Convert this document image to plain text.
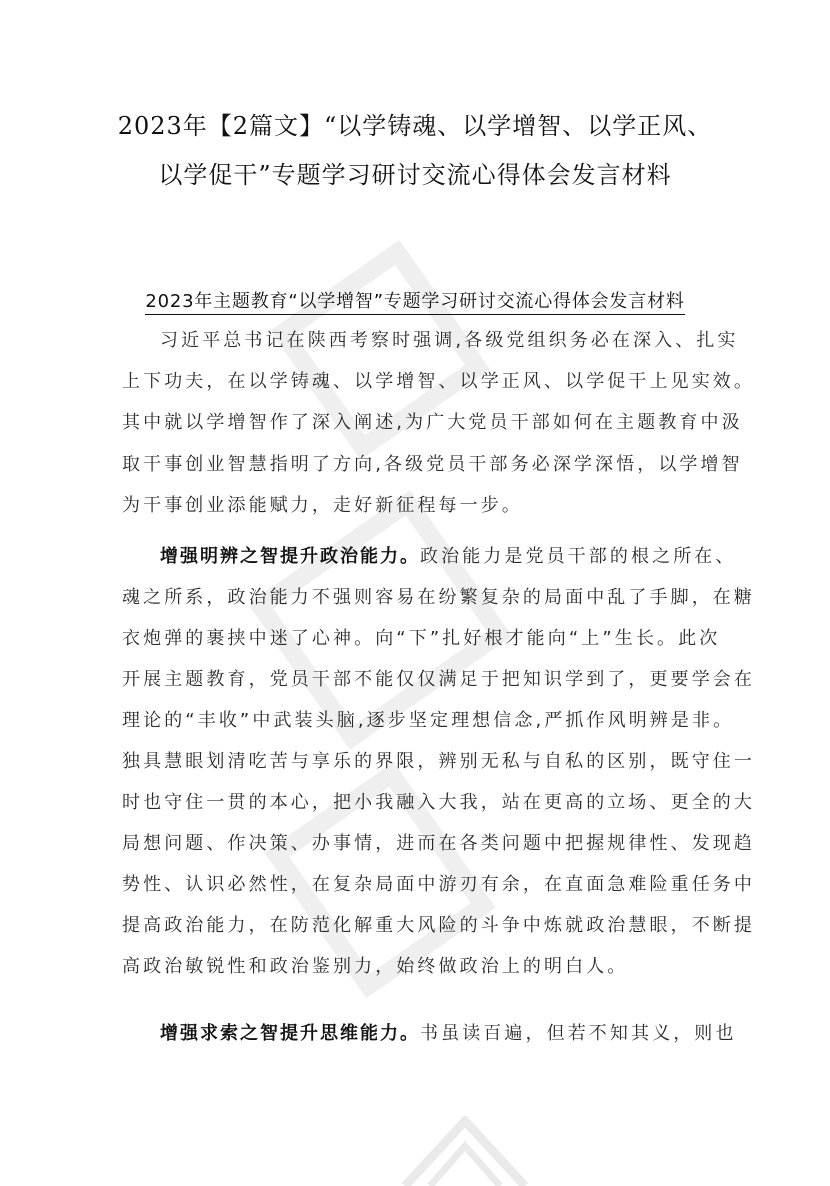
2023年【2篇文】“以学铸魂、以学增智、以学正风、
以学促干”专题学习研讨交流心得体会发言材料
2023年主题教育“以学增智”专题学习研讨交流心得体会发言材料
习近平总书记在陕西考察时强调,各级党组织务必在深入、扎实
上下功夫，在以学铸魂、以学增智、以学正风、以学促干上见实效。
其中就以学增智作了深入阐述,为广大党员干部如何在主题教育中汲
取干事创业智慧指明了方向,各级党员干部务必深学深悟，以学增智
为干事创业添能赋力，走好新征程每一步。
增强明辨之智提升政治能力。政治能力是党员干部的根之所在、
魂之所系，政治能力不强则容易在纷繁复杂的局面中乱了手脚，在糖
衣炮弹的裹挟中迷了心神。向“下”扎好根才能向“上”生长。此次
开展主题教育，党员干部不能仅仅满足于把知识学到了，更要学会在
理论的“丰收”中武装头脑,逐步坚定理想信念,严抓作风明辨是非。
独具慧眼划清吃苦与享乐的界限，辨别无私与自私的区别，既守住一
时也守住一贯的本心，把小我融入大我，站在更高的立场、更全的大
局想问题、作决策、办事情，进而在各类问题中把握规律性、发现趋
势性、认识必然性，在复杂局面中游刃有余，在直面急难险重任务中
提高政治能力，在防范化解重大风险的斗争中炼就政治慧眼，不断提
高政治敏锐性和政治鉴别力，始终做政治上的明白人。
增强求索之智提升思维能力。书虽读百遍，但若不知其义，则也
